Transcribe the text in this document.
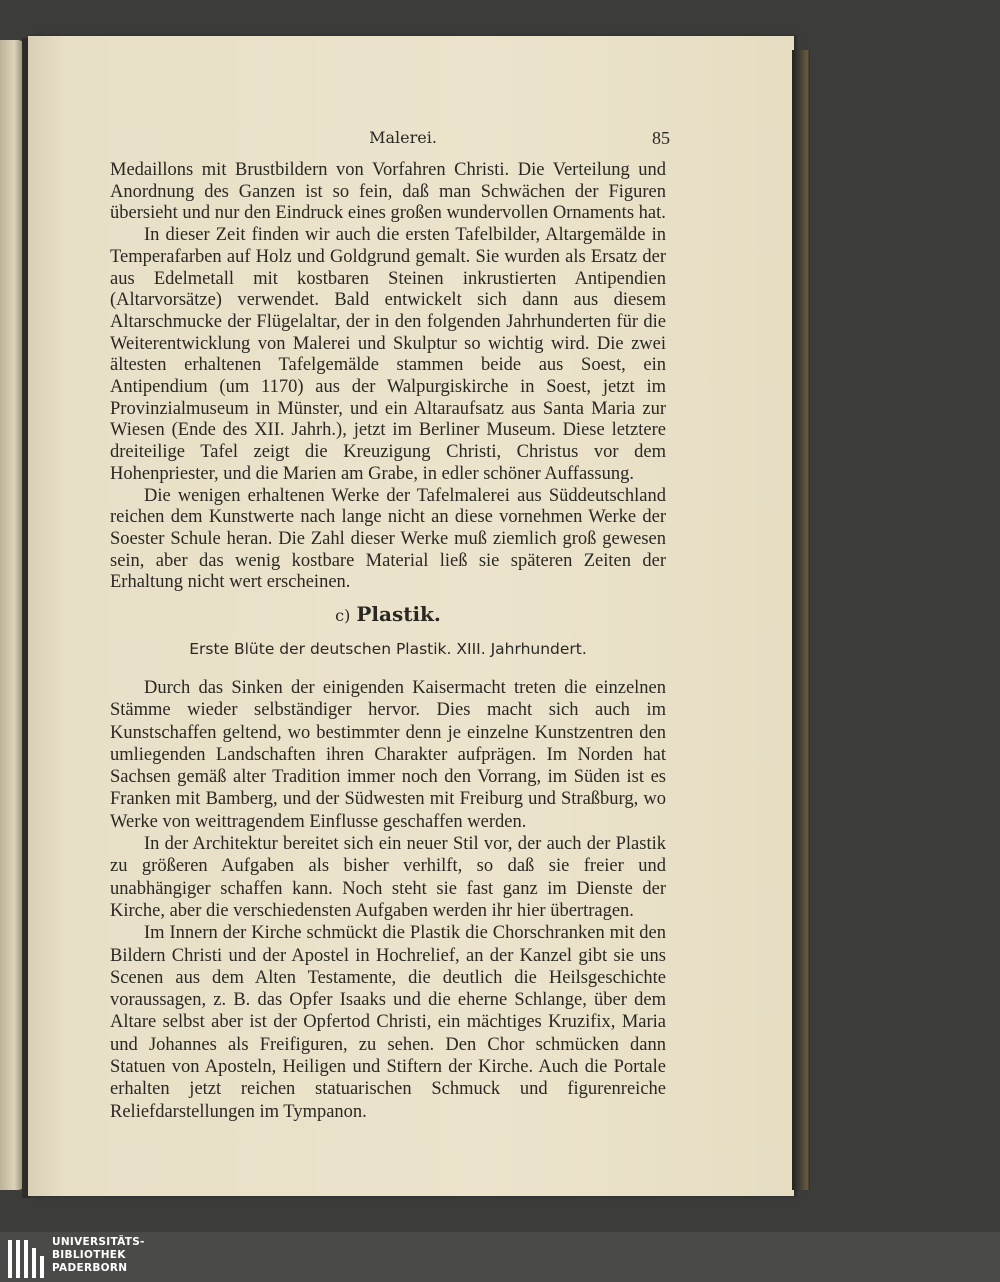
Malerei.	85

Medaillons mit Brustbildern von Vorfahren Christi. Die Verteilung und Anordnung des Ganzen ist so fein, daß man Schwächen der Figuren übersieht und nur den Eindruck eines großen wundervollen Ornaments hat.

In dieser Zeit finden wir auch die ersten Tafelbilder, Altargemälde in Temperafarben auf Holz und Goldgrund gemalt. Sie wurden als Ersatz der aus Edelmetall mit kostbaren Steinen inkrustierten Antipendien (Altarvorsätze) verwendet. Bald entwickelt sich dann aus diesem Altarschmucke der Flügelaltar, der in den folgenden Jahrhunderten für die Weiterentwicklung von Malerei und Skulptur so wichtig wird. Die zwei ältesten erhaltenen Tafelgemälde stammen beide aus Soest, ein Antipendium (um 1170) aus der Walpurgiskirche in Soest, jetzt im Provinzialmuseum in Münster, und ein Altaraufsatz aus Santa Maria zur Wiesen (Ende des XII. Jahrh.), jetzt im Berliner Museum. Diese letztere dreiteilige Tafel zeigt die Kreuzigung Christi, Christus vor dem Hohenpriester, und die Marien am Grabe, in edler schöner Auffassung.

Die wenigen erhaltenen Werke der Tafelmalerei aus Süddeutschland reichen dem Kunstwerte nach lange nicht an diese vornehmen Werke der Soester Schule heran. Die Zahl dieser Werke muß ziemlich groß gewesen sein, aber das wenig kostbare Material ließ sie späteren Zeiten der Erhaltung nicht wert erscheinen.

c) Plastik.
Erste Blüte der deutschen Plastik. XIII. Jahrhundert.

Durch das Sinken der einigenden Kaisermacht treten die einzelnen Stämme wieder selbständiger hervor. Dies macht sich auch im Kunstschaffen geltend, wo bestimmter denn je einzelne Kunstzentren den umliegenden Landschaften ihren Charakter aufprägen. Im Norden hat Sachsen gemäß alter Tradition immer noch den Vorrang, im Süden ist es Franken mit Bamberg, und der Südwesten mit Freiburg und Straßburg, wo Werke von weittragendem Einflusse geschaffen werden.

In der Architektur bereitet sich ein neuer Stil vor, der auch der Plastik zu größeren Aufgaben als bisher verhilft, so daß sie freier und unabhängiger schaffen kann. Noch steht sie fast ganz im Dienste der Kirche, aber die verschiedensten Aufgaben werden ihr hier übertragen.

Im Innern der Kirche schmückt die Plastik die Chorschranken mit den Bildern Christi und der Apostel in Hochrelief, an der Kanzel gibt sie uns Scenen aus dem Alten Testamente, die deutlich die Heilsgeschichte voraussagen, z. B. das Opfer Isaaks und die eherne Schlange, über dem Altare selbst aber ist der Opfertod Christi, ein mächtiges Kruzifix, Maria und Johannes als Freifiguren, zu sehen. Den Chor schmücken dann Statuen von Aposteln, Heiligen und Stiftern der Kirche. Auch die Portale erhalten jetzt reichen statuarischen Schmuck und figurenreiche Reliefdarstellungen im Tympanon.

UNIVERSITÄTS-
BIBLIOTHEK
PADERBORN
